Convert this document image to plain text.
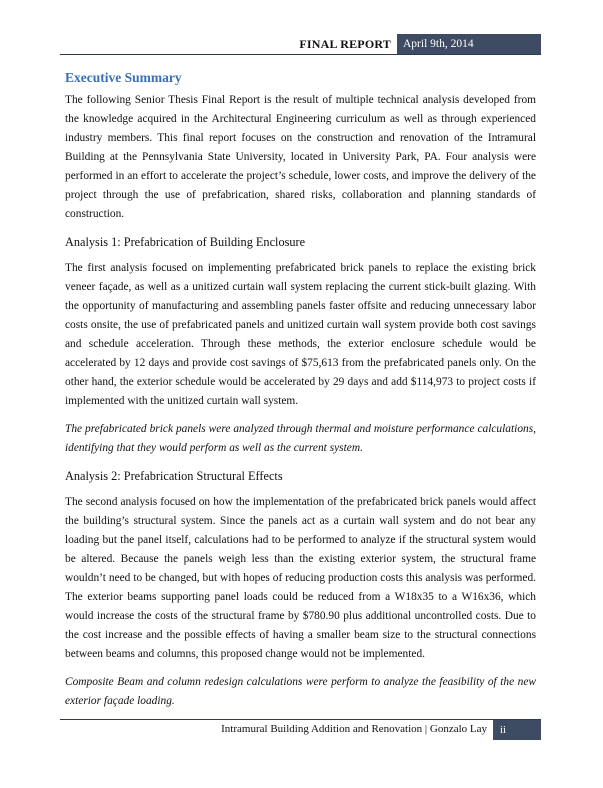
FINAL REPORT	April 9th, 2014
Executive Summary

The following Senior Thesis Final Report is the result of multiple technical analysis developed from the knowledge acquired in the Architectural Engineering curriculum as well as through experienced industry members. This final report focuses on the construction and renovation of the Intramural Building at the Pennsylvania State University, located in University Park, PA. Four analysis were performed in an effort to accelerate the project’s schedule, lower costs, and improve the delivery of the project through the use of prefabrication, shared risks, collaboration and planning standards of construction.

Analysis 1: Prefabrication of Building Enclosure

The first analysis focused on implementing prefabricated brick panels to replace the existing brick veneer façade, as well as a unitized curtain wall system replacing the current stick-built glazing. With the opportunity of manufacturing and assembling panels faster offsite and reducing unnecessary labor costs onsite, the use of prefabricated panels and unitized curtain wall system provide both cost savings and schedule acceleration. Through these methods, the exterior enclosure schedule would be accelerated by 12 days and provide cost savings of $75,613 from the prefabricated panels only. On the other hand, the exterior schedule would be accelerated by 29 days and add $114,973 to project costs if implemented with the unitized curtain wall system.

The prefabricated brick panels were analyzed through thermal and moisture performance calculations, identifying that they would perform as well as the current system.

Analysis 2: Prefabrication Structural Effects

The second analysis focused on how the implementation of the prefabricated brick panels would affect the building’s structural system. Since the panels act as a curtain wall system and do not bear any loading but the panel itself, calculations had to be performed to analyze if the structural system would be altered. Because the panels weigh less than the existing exterior system, the structural frame wouldn’t need to be changed, but with hopes of reducing production costs this analysis was performed. The exterior beams supporting panel loads could be reduced from a W18x35 to a W16x36, which would increase the costs of the structural frame by $780.90 plus additional uncontrolled costs. Due to the cost increase and the possible effects of having a smaller beam size to the structural connections between beams and columns, this proposed change would not be implemented.

Composite Beam and column redesign calculations were perform to analyze the feasibility of the new exterior façade loading.

Intramural Building Addition and Renovation | Gonzalo Lay	ii
